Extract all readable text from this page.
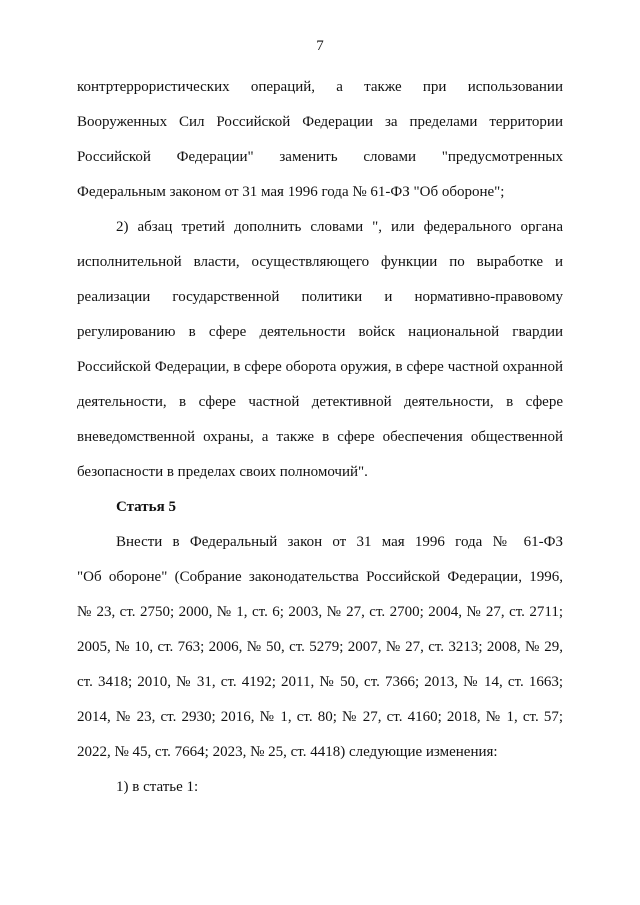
7
контртеррористических операций, а также при использовании
Вооруженных Сил Российской Федерации за пределами территории
Российской Федерации" заменить словами "предусмотренных
Федеральным законом от 31 мая 1996 года № 61-ФЗ "Об обороне";
2) абзац третий дополнить словами ", или федерального органа
исполнительной власти, осуществляющего функции по выработке и
реализации государственной политики и нормативно-правовому
регулированию в сфере деятельности войск национальной гвардии
Российской Федерации, в сфере оборота оружия, в сфере частной охранной
деятельности, в сфере частной детективной деятельности, в сфере
вневедомственной охраны, а также в сфере обеспечения общественной
безопасности в пределах своих полномочий".
Статья 5
Внести в Федеральный закон от 31 мая 1996 года № 61-ФЗ
"Об обороне" (Собрание законодательства Российской Федерации, 1996,
№ 23, ст. 2750; 2000, № 1, ст. 6; 2003, № 27, ст. 2700; 2004, № 27, ст. 2711;
2005, № 10, ст. 763; 2006, № 50, ст. 5279; 2007, № 27, ст. 3213; 2008, № 29,
ст. 3418; 2010, № 31, ст. 4192; 2011, № 50, ст. 7366; 2013, № 14, ст. 1663;
2014, № 23, ст. 2930; 2016, № 1, ст. 80; № 27, ст. 4160; 2018, № 1, ст. 57;
2022, № 45, ст. 7664; 2023, № 25, ст. 4418) следующие изменения:
1) в статье 1:
